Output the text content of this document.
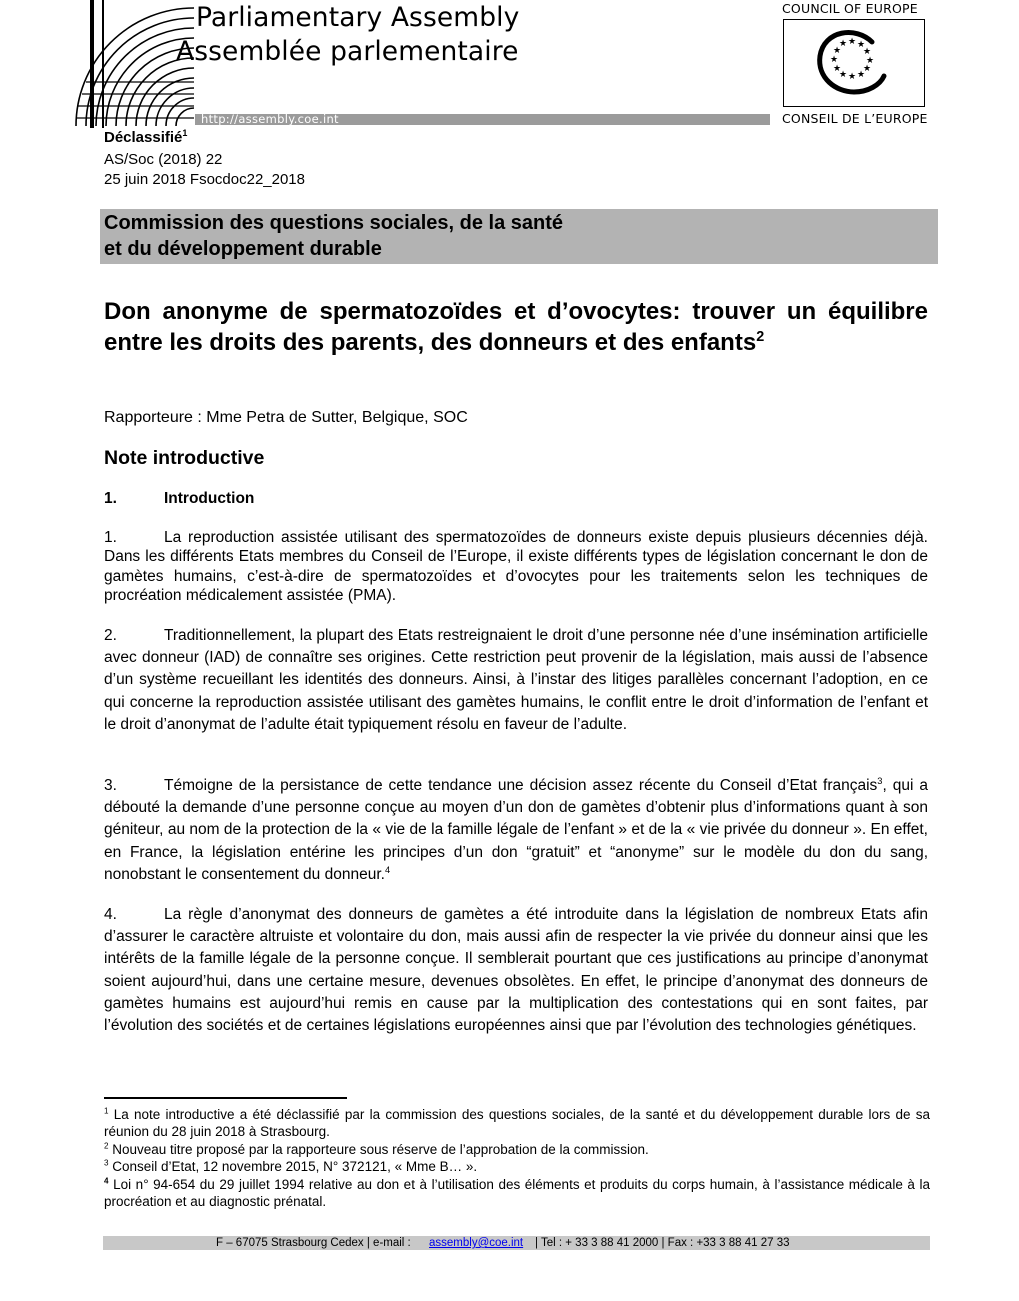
Parliamentary Assembly
Assemblée parlementaire
http://assembly.coe.int
COUNCIL OF EUROPE
★ ★ ★
★ ★
★	★
★ ★
★ ★ ★
CONSEIL DE L’EUROPE
Déclassifié$^1$
AS/Soc (2018) 22
25 juin 2018 Fsocdoc22_2018
Commission des questions sociales, de la santé
et du développement durable
Don anonyme de spermatozoïdes et d’ovocytes: trouver un équilibre entre les droits des parents, des donneurs et des enfants$^2$
Rapporteure : Mme Petra de Sutter, Belgique, SOC
Note introductive
1.	Introduction
1.	La reproduction assistée utilisant des spermatozoïdes de donneurs existe depuis plusieurs décennies déjà. Dans les différents Etats membres du Conseil de l’Europe, il existe différents types de législation concernant le don de gamètes humains, c’est-à-dire de spermatozoïdes et d’ovocytes pour les traitements selon les techniques de procréation médicalement assistée (PMA).
2.	Traditionnellement, la plupart des Etats restreignaient le droit d’une personne née d’une insémination artificielle avec donneur (IAD) de connaître ses origines. Cette restriction peut provenir de la législation, mais aussi de l’absence d’un système recueillant les identités des donneurs. Ainsi, à l’instar des litiges parallèles concernant l’adoption, en ce qui concerne la reproduction assistée utilisant des gamètes humains, le conflit entre le droit d’information de l’enfant et le droit d’anonymat de l’adulte était typiquement résolu en faveur de l’adulte.
3.	Témoigne de la persistance de cette tendance une décision assez récente du Conseil d’Etat français$^3$, qui a débouté la demande d’une personne conçue au moyen d’un don de gamètes d’obtenir plus d’informations quant à son géniteur, au nom de la protection de la « vie de la famille légale de l’enfant » et de la « vie privée du donneur ». En effet, en France, la législation entérine les principes d’un don “gratuit” et “anonyme” sur le modèle du don du sang, nonobstant le consentement du donneur.$^4$
4.	La règle d’anonymat des donneurs de gamètes a été introduite dans la législation de nombreux Etats afin d’assurer le caractère altruiste et volontaire du don, mais aussi afin de respecter la vie privée du donneur ainsi que les intérêts de la famille légale de la personne conçue. Il semblerait pourtant que ces justifications au principe d’anonymat soient aujourd’hui, dans une certaine mesure, devenues obsolètes. En effet, le principe d’anonymat des donneurs de gamètes humains est aujourd’hui remis en cause par la multiplication des contestations qui en sont faites, par l’évolution des sociétés et de certaines législations européennes ainsi que par l’évolution des technologies génétiques.
$^1$ La note introductive a été déclassifié par la commission des questions sociales, de la santé et du développement durable lors de sa réunion du 28 juin 2018 à Strasbourg.
$^2$ Nouveau titre proposé par la rapporteure sous réserve de l’approbation de la commission.
$^3$ Conseil d’Etat, 12 novembre 2015, N° 372121, « Mme B… ».
$^4$ Loi n° 94-654 du 29 juillet 1994 relative au don et à l’utilisation des éléments et produits du corps humain, à l’assistance médicale à la procréation et au diagnostic prénatal.
F – 67075 Strasbourg Cedex | e-mail : assembly@coe.int | Tel : + 33 3 88 41 2000 | Fax : +33 3 88 41 27 33
